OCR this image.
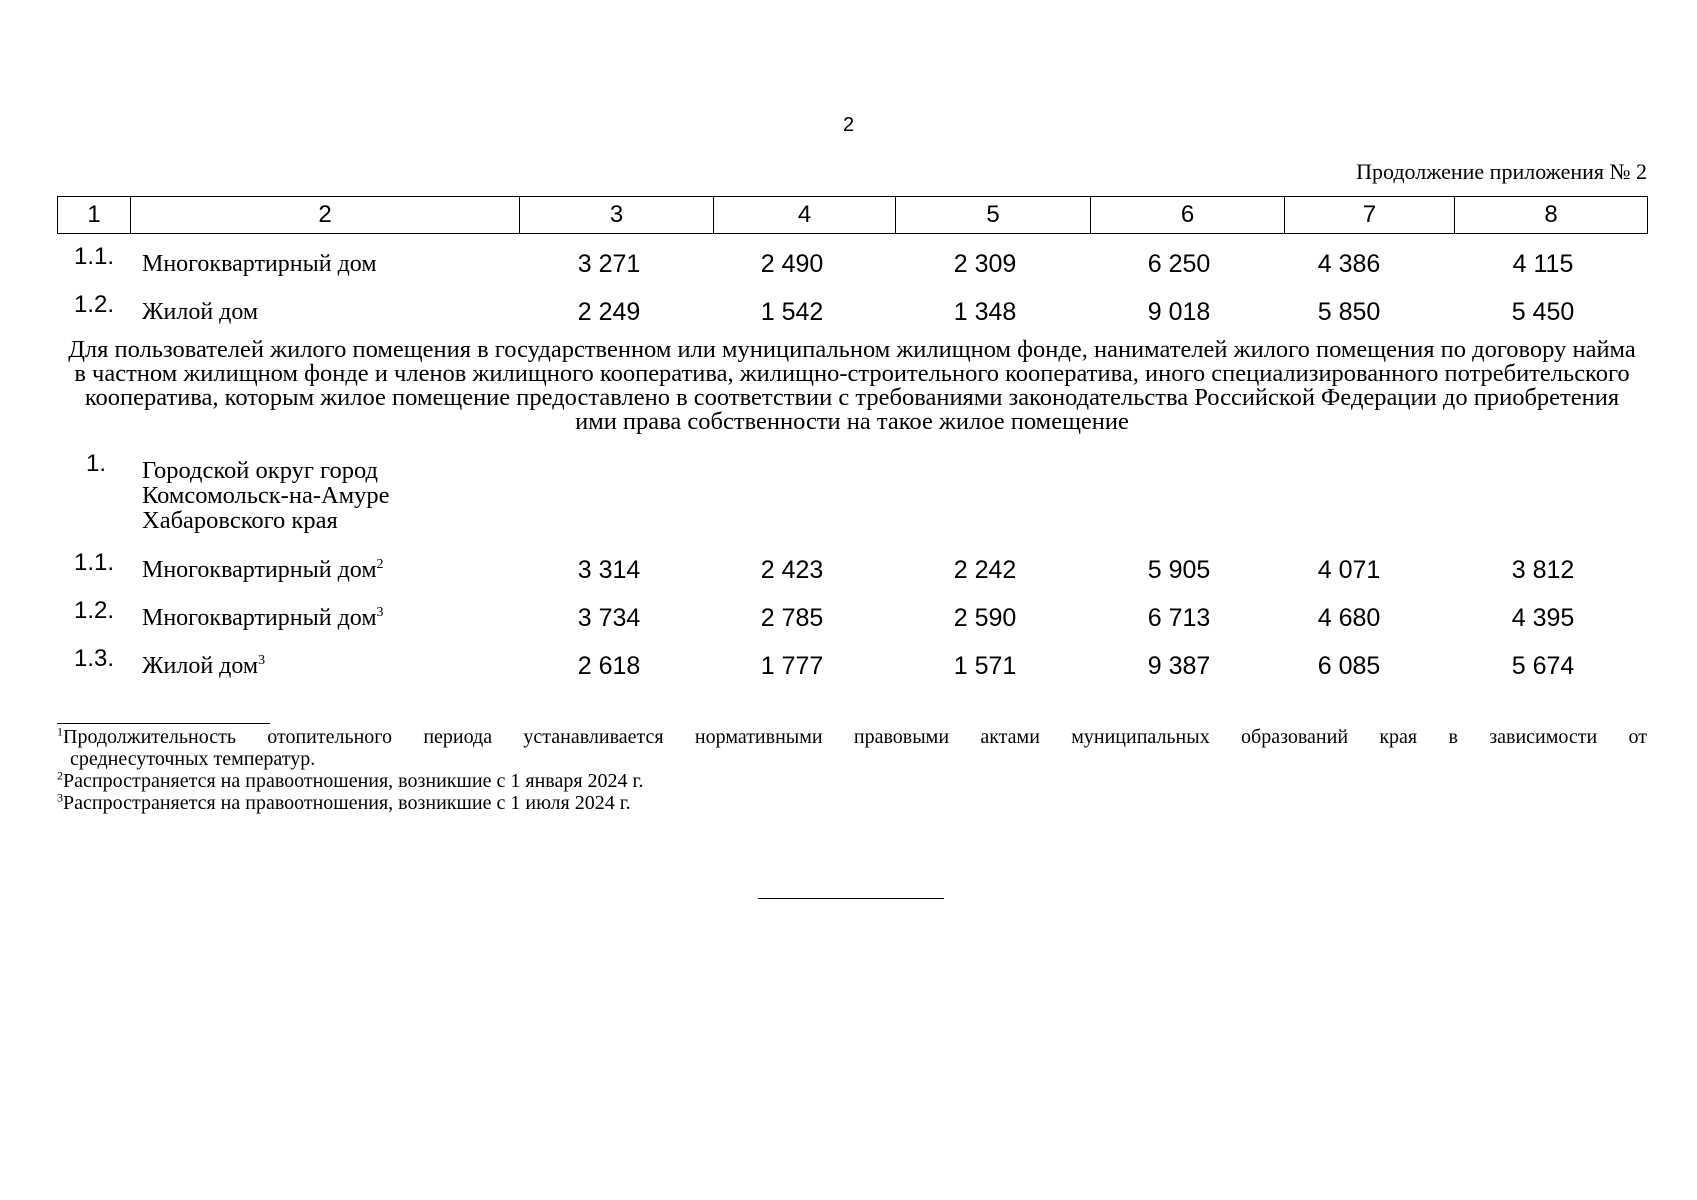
2
Продолжение приложения № 2
1	2	3	4	5	6	7	8
1.1. Многоквартирный дом	3 271	2 490	2 309	6 250	4 386	4 115
1.2. Жилой дом	2 249	1 542	1 348	9 018	5 850	5 450
Для пользователей жилого помещения в государственном или муниципальном жилищном фонде, нанимателей жилого помещения по договору найма в частном жилищном фонде и членов жилищного кооператива, жилищно-строительного кооператива, иного специализированного потребительского кооператива, которым жилое помещение предоставлено в соответствии с требованиями законодательства Российской Федерации до приобретения ими права собственности на такое жилое помещение
1. Городской округ город
Комсомольск-на-Амуре
Хабаровского края
1.1. Многоквартирный дом$^2$	3 314	2 423	2 242	5 905	4 071	3 812
1.2. Многоквартирный дом$^3$	3 734	2 785	2 590	6 713	4 680	4 395
1.3. Жилой дом$^3$	2 618	1 777	1 571	9 387	6 085	5 674
$^1$Продолжительность отопительного периода устанавливается нормативными правовыми актами муниципальных образований края в зависимости от
среднесуточных температур.
$^2$Распространяется на правоотношения, возникшие с 1 января 2024 г.
$^3$Распространяется на правоотношения, возникшие с 1 июля 2024 г.
